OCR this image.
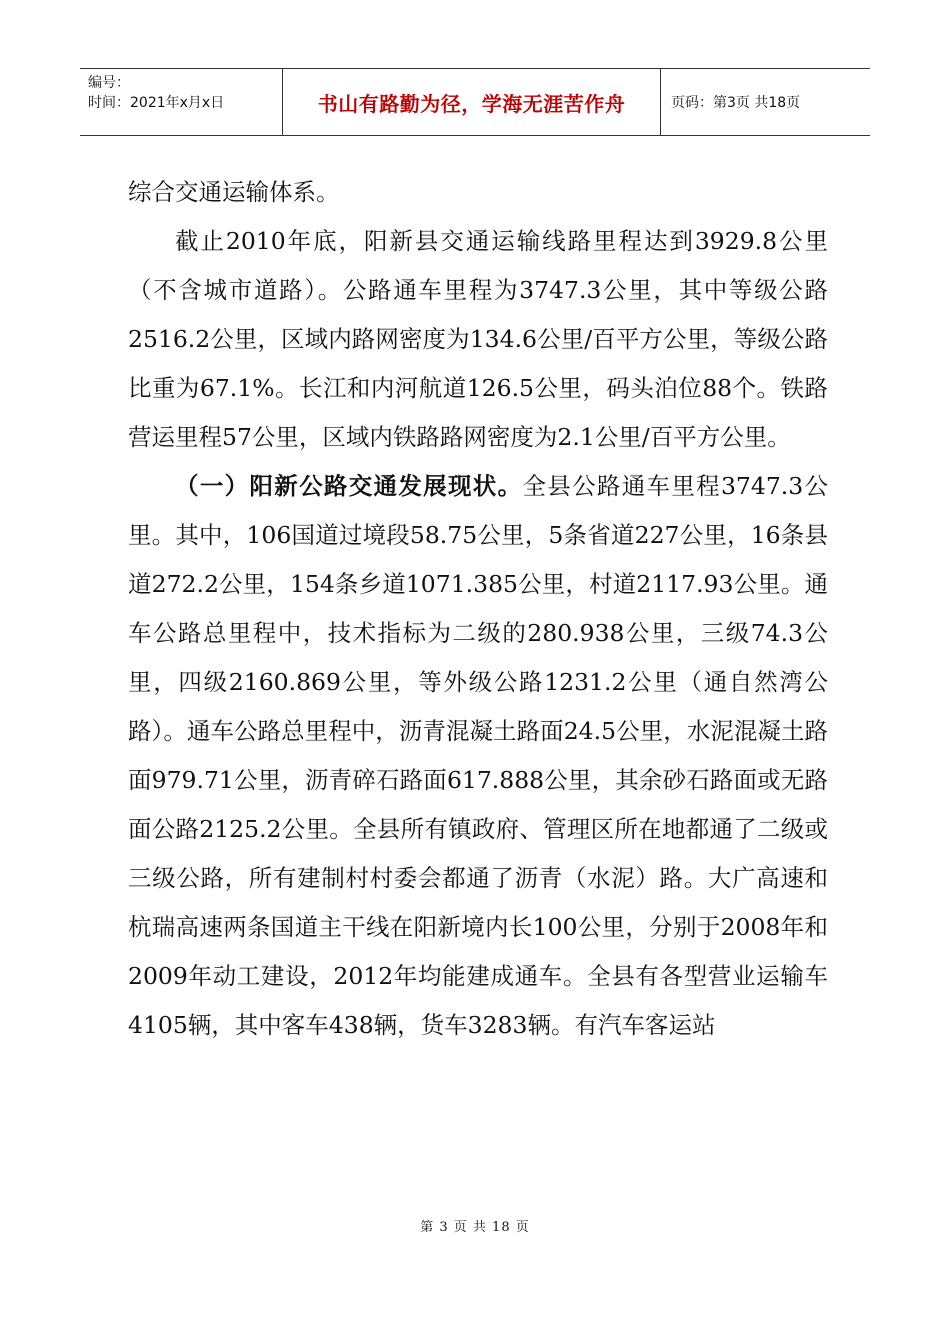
编号：
时间：2021年x月x日	书山有路勤为径，学海无涯苦作舟	页码：第3页 共18页

综合交通运输体系。

截止2010年底，阳新县交通运输线路里程达到3929.8公里（不含城市道路）。公路通车里程为3747.3公里，其中等级公路2516.2公里，区域内路网密度为134.6公里/百平方公里，等级公路比重为67.1%。长江和内河航道126.5公里，码头泊位88个。铁路营运里程57公里，区域内铁路路网密度为2.1公里/百平方公里。

（一）阳新公路交通发展现状。全县公路通车里程3747.3公里。其中，106国道过境段58.75公里，5条省道227公里，16条县道272.2公里，154条乡道1071.385公里，村道2117.93公里。通车公路总里程中，技术指标为二级的280.938公里，三级74.3公里，四级2160.869公里，等外级公路1231.2公里（通自然湾公路）。通车公路总里程中，沥青混凝土路面24.5公里，水泥混凝土路面979.71公里，沥青碎石路面617.888公里，其余砂石路面或无路面公路2125.2公里。全县所有镇政府、管理区所在地都通了二级或三级公路，所有建制村村委会都通了沥青（水泥）路。大广高速和杭瑞高速两条国道主干线在阳新境内长100公里，分别于2008年和2009年动工建设，2012年均能建成通车。全县有各型营业运输车4105辆，其中客车438辆，货车3283辆。有汽车客运站

第 3 页 共 18 页
